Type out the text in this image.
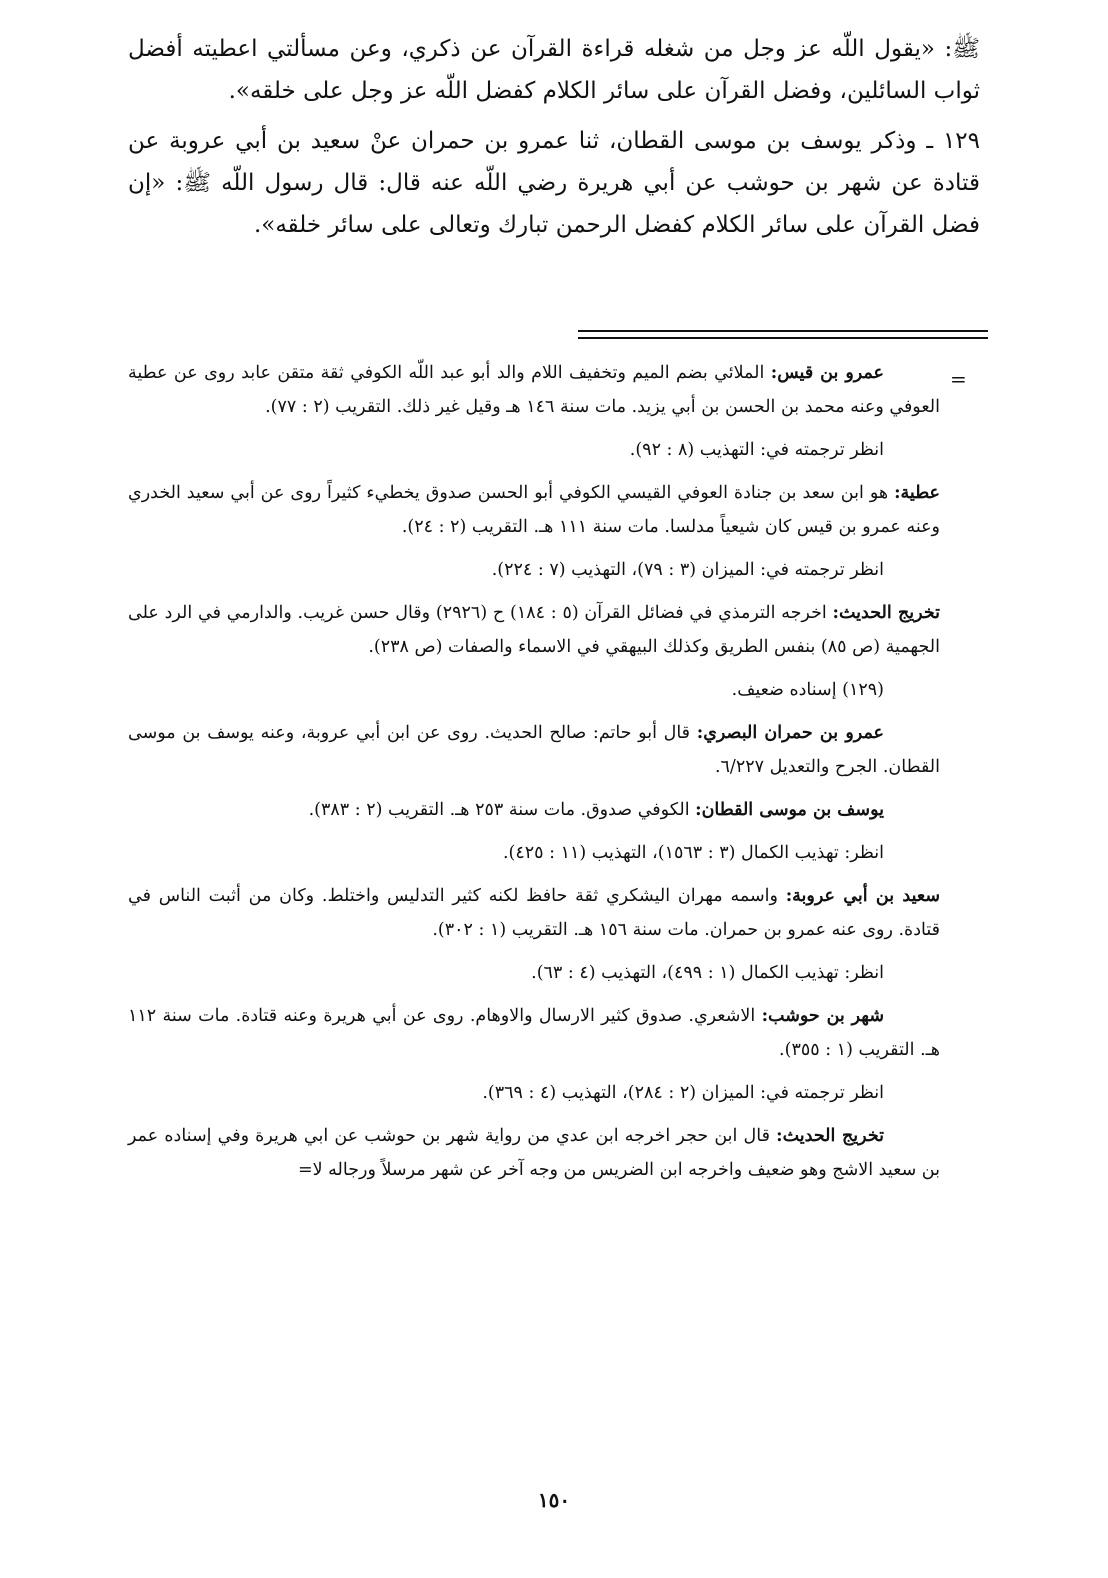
ﷺ: «يقول اللّه عز وجل من شغله قراءة القرآن عن ذكري، وعن مسألتي اعطيته أفضل ثواب السائلين، وفضل القرآن على سائر الكلام كفضل اللّه عز وجل على خلقه».

١٢٩ ـ وذكر يوسف بن موسى القطان، ثنا عمرو بن حمران عنْ سعيد بن أبي عروبة عن قتادة عن شهر بن حوشب عن أبي هريرة رضي اللّه عنه قال: قال رسول اللّه ﷺ: «إن فضل القرآن على سائر الكلام كفضل الرحمن تبارك وتعالى على سائر خلقه».

=

عمرو بن قيس: الملائي بضم الميم وتخفيف اللام والد أبو عبد اللّه الكوفي ثقة متقن عابد روى عن عطية العوفي وعنه محمد بن الحسن بن أبي يزيد. مات سنة ١٤٦ هـ وقيل غير ذلك. التقريب (٢ : ٧٧).

انظر ترجمته في: التهذيب (٨ : ٩٢).

عطية: هو ابن سعد بن جنادة العوفي القيسي الكوفي أبو الحسن صدوق يخطيء كثيراً روى عن أبي سعيد الخدري وعنه عمرو بن قيس كان شيعياً مدلسا. مات سنة ١١١ هـ. التقريب (٢ : ٢٤).

انظر ترجمته في: الميزان (٣ : ٧٩)، التهذيب (٧ : ٢٢٤).

تخريج الحديث: اخرجه الترمذي في فضائل القرآن (٥ : ١٨٤) ح (٢٩٢٦) وقال حسن غريب. والدارمي في الرد على الجهمية (ص ٨٥) بنفس الطريق وكذلك البيهقي في الاسماء والصفات (ص ٢٣٨).

(١٢٩) إسناده ضعيف.

عمرو بن حمران البصري: قال أبو حاتم: صالح الحديث. روى عن ابن أبي عروبة، وعنه يوسف بن موسى القطان. الجرح والتعديل ٦/٢٢٧.

يوسف بن موسى القطان: الكوفي صدوق. مات سنة ٢٥٣ هـ. التقريب (٢ : ٣٨٣).

انظر: تهذيب الكمال (٣ : ١٥٦٣)، التهذيب (١١ : ٤٢٥).

سعيد بن أبي عروبة: واسمه مهران اليشكري ثقة حافظ لكنه كثير التدليس واختلط. وكان من أثبت الناس في قتادة. روى عنه عمرو بن حمران. مات سنة ١٥٦ هـ. التقريب (١ : ٣٠٢).

انظر: تهذيب الكمال (١ : ٤٩٩)، التهذيب (٤ : ٦٣).

شهر بن حوشب: الاشعري. صدوق كثير الارسال والاوهام. روى عن أبي هريرة وعنه قتادة. مات سنة ١١٢ هـ. التقريب (١ : ٣٥٥).

انظر ترجمته في: الميزان (٢ : ٢٨٤)، التهذيب (٤ : ٣٦٩).

تخريج الحديث: قال ابن حجر اخرجه ابن عدي من رواية شهر بن حوشب عن ابي هريرة وفي إسناده عمر بن سعيد الاشج وهو ضعيف واخرجه ابن الضريس من وجه آخر عن شهر مرسلاً ورجاله لا=

١٥٠
